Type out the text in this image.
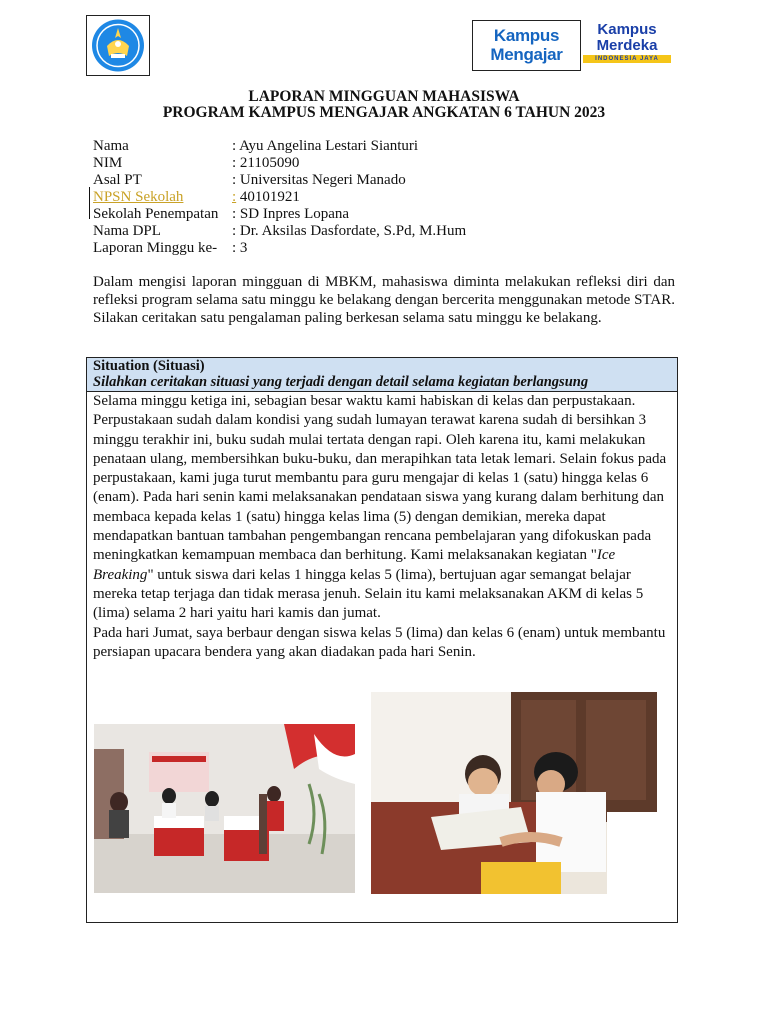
Kampus
Mengajar
Kampus
Merdeka
INDONESIA JAYA
LAPORAN MINGGUAN MAHASISWA
PROGRAM KAMPUS MENGAJAR ANGKATAN 6 TAHUN 2023
Nama	: Ayu Angelina Lestari Sianturi
NIM	: 21105090
Asal PT	: Universitas Negeri Manado
NPSN Sekolah	: 40101921
Sekolah Penempatan : SD Inpres Lopana
Nama DPL	: Dr. Aksilas Dasfordate, S.Pd, M.Hum
Laporan Minggu ke- : 3
Dalam mengisi laporan mingguan di MBKM, mahasiswa diminta melakukan refleksi diri dan refleksi program selama satu minggu ke belakang dengan bercerita menggunakan metode STAR. Silakan ceritakan satu pengalaman paling berkesan selama satu minggu ke belakang.
Situation (Situasi)
Silahkan ceritakan situasi yang terjadi dengan detail selama kegiatan berlangsung

Selama minggu ketiga ini, sebagian besar waktu kami habiskan di kelas dan perpustakaan. Perpustakaan sudah dalam kondisi yang sudah lumayan terawat karena sudah di bersihkan 3 minggu terakhir ini, buku sudah mulai tertata dengan rapi. Oleh karena itu, kami melakukan penataan ulang, membersihkan buku-buku, dan merapihkan tata letak lemari. Selain fokus pada perpustakaan, kami juga turut membantu para guru mengajar di kelas 1 (satu) hingga kelas 6 (enam). Pada hari senin kami melaksanakan pendataan siswa yang kurang dalam berhitung dan membaca kepada kelas 1 (satu) hingga kelas lima (5) dengan demikian, mereka dapat mendapatkan bantuan tambahan pengembangan rencana pembelajaran yang difokuskan pada meningkatkan kemampuan membaca dan berhitung. Kami melaksanakan kegiatan "Ice Breaking" untuk siswa dari kelas 1 hingga kelas 5 (lima), bertujuan agar semangat belajar mereka tetap terjaga dan tidak merasa jenuh. Selain itu kami melaksanakan AKM di kelas 5 (lima) selama 2 hari yaitu hari kamis dan jumat.

Pada hari Jumat, saya berbaur dengan siswa kelas 5 (lima) dan kelas 6 (enam) untuk membantu persiapan upacara bendera yang akan diadakan pada hari Senin.
